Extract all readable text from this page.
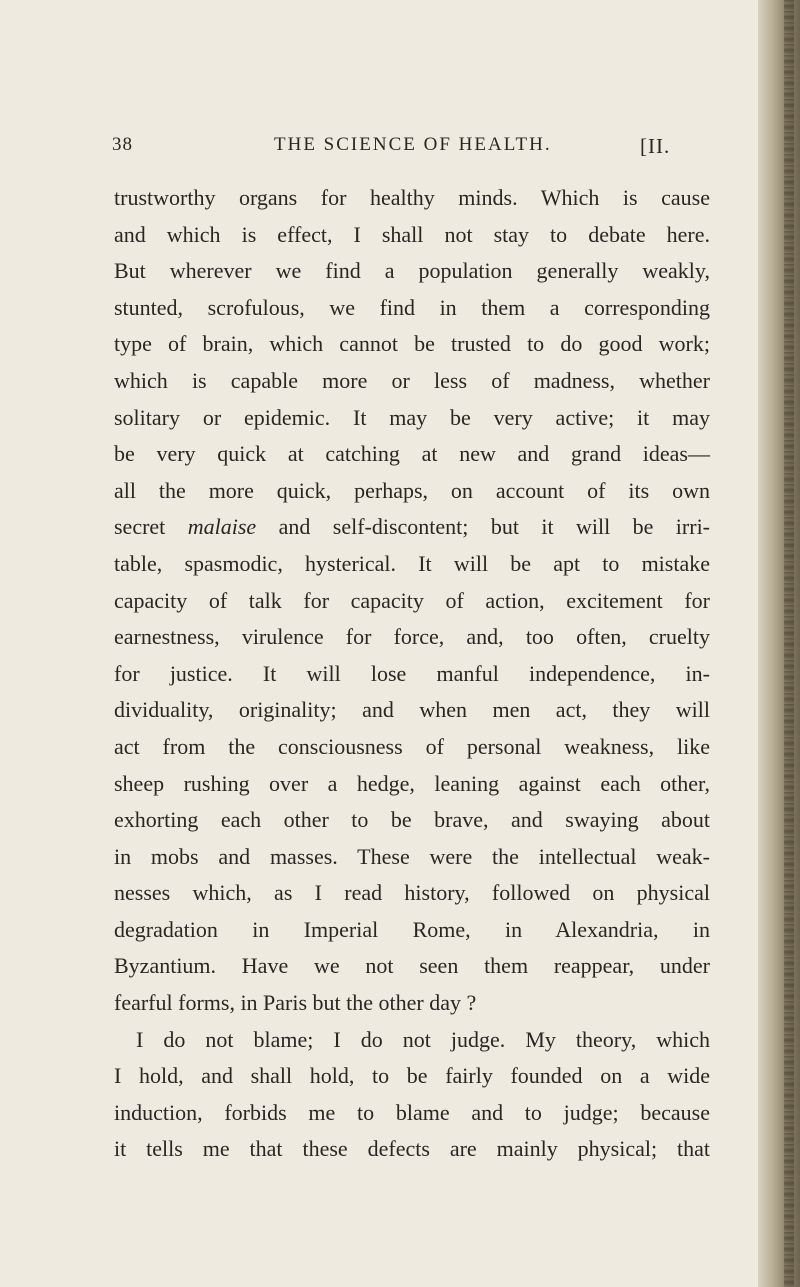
38	THE SCIENCE OF HEALTH.	[II.
trustworthy organs for healthy minds. Which is cause
and which is effect, I shall not stay to debate here.
But wherever we find a population generally weakly,
stunted, scrofulous, we find in them a corresponding
type of brain, which cannot be trusted to do good work;
which is capable more or less of madness, whether
solitary or epidemic. It may be very active; it may
be very quick at catching at new and grand ideas—
all the more quick, perhaps, on account of its own
secret malaise and self-discontent; but it will be irri-
table, spasmodic, hysterical. It will be apt to mistake
capacity of talk for capacity of action, excitement for
earnestness, virulence for force, and, too often, cruelty
for justice. It will lose manful independence, in-
dividuality, originality; and when men act, they will
act from the consciousness of personal weakness, like
sheep rushing over a hedge, leaning against each other,
exhorting each other to be brave, and swaying about
in mobs and masses. These were the intellectual weak-
nesses which, as I read history, followed on physical
degradation in Imperial Rome, in Alexandria, in
Byzantium. Have we not seen them reappear, under
fearful forms, in Paris but the other day ?
I do not blame; I do not judge. My theory, which
I hold, and shall hold, to be fairly founded on a wide
induction, forbids me to blame and to judge; because
it tells me that these defects are mainly physical; that
